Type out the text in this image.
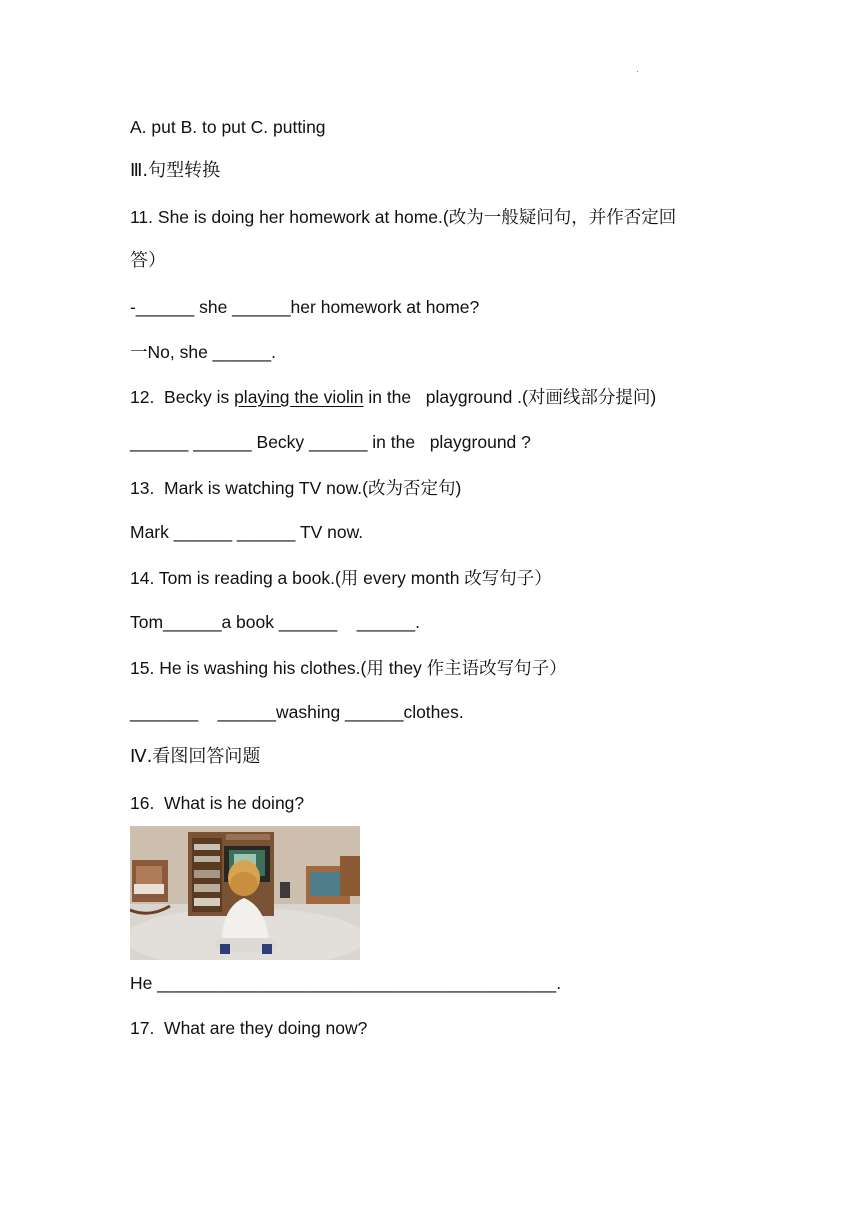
·
A. put B. to put C. putting
Ⅲ.句型转换
11. She is doing her homework at home.(改为一般疑问句，并作否定回
答）
-______ she ______her homework at home?
一No, she ______.
12.  Becky is playing the violin in the   playground .(对画线部分提问)
______ ______ Becky ______ in the   playground ?
13.  Mark is watching TV now.(改为否定句)
Mark ______ ______ TV now.
14. Tom is reading a book.(用 every month 改写句子）
Tom______a book ______    ______.
15. He is washing his clothes.(用 they 作主语改写句子）
_______    ______washing ______clothes.
Ⅳ.看图回答问题
16.  What is he doing?
He _________________________________________.
17.  What are they doing now?
